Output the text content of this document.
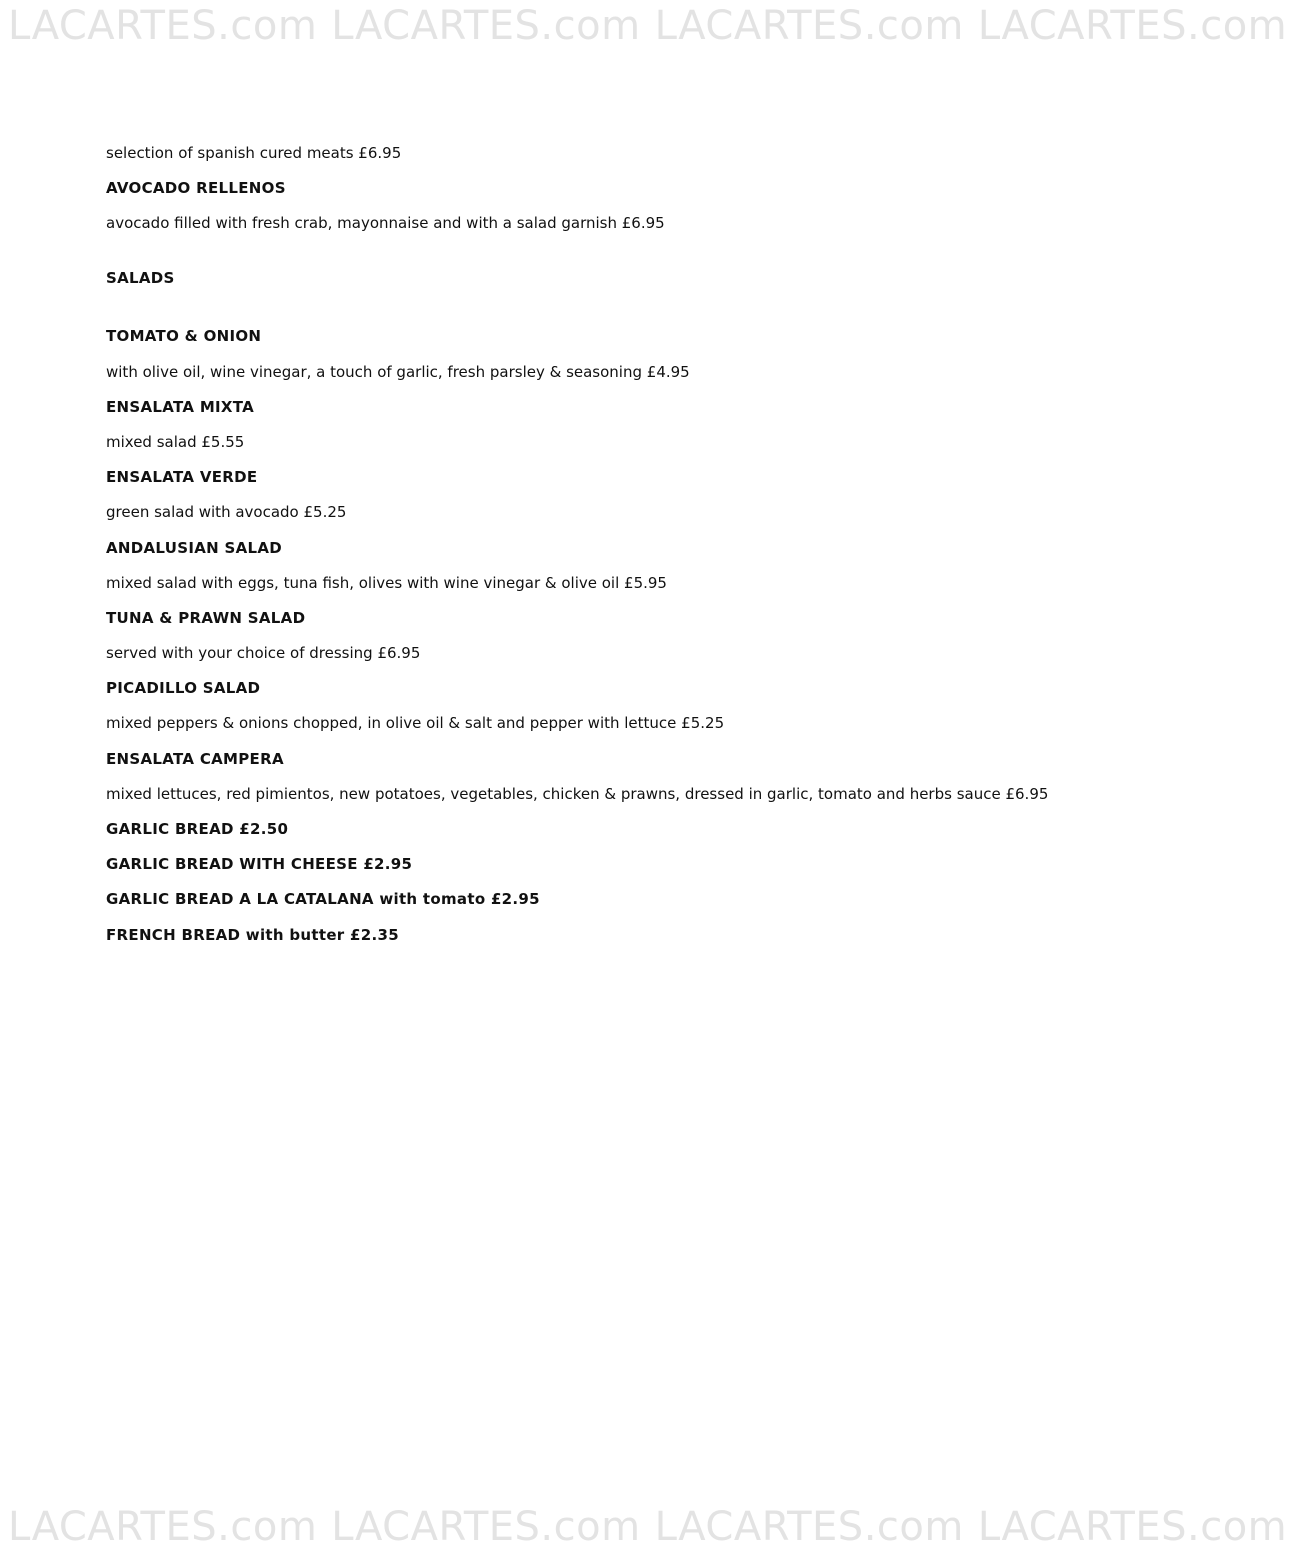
LACARTES.com LACARTES.com LACARTES.com LACARTES.com
selection of spanish cured meats £6.95
AVOCADO RELLENOS
avocado filled with fresh crab, mayonnaise and with a salad garnish £6.95
SALADS
TOMATO & ONION
with olive oil, wine vinegar, a touch of garlic, fresh parsley & seasoning £4.95
ENSALATA MIXTA
mixed salad £5.55
ENSALATA VERDE
green salad with avocado £5.25
ANDALUSIAN SALAD
mixed salad with eggs, tuna fish, olives with wine vinegar & olive oil £5.95
TUNA & PRAWN SALAD
served with your choice of dressing £6.95
PICADILLO SALAD
mixed peppers & onions chopped, in olive oil & salt and pepper with lettuce £5.25
ENSALATA CAMPERA
mixed lettuces, red pimientos, new potatoes, vegetables, chicken & prawns, dressed in garlic, tomato and herbs sauce £6.95
GARLIC BREAD £2.50
GARLIC BREAD WITH CHEESE £2.95
GARLIC BREAD A LA CATALANA with tomato £2.95
FRENCH BREAD with butter £2.35
LACARTES.com LACARTES.com LACARTES.com LACARTES.com
